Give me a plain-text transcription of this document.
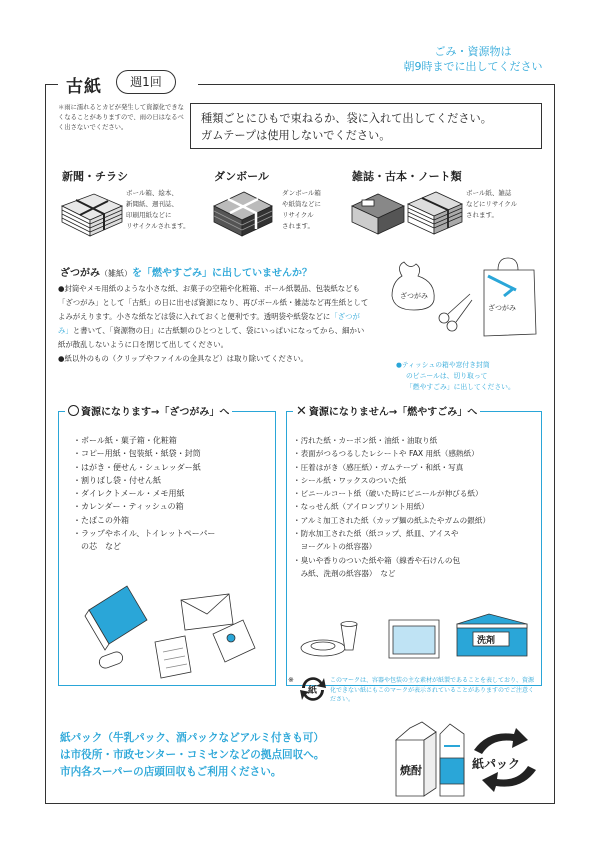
ごみ・資源物は
朝9時までに出してください
古紙	週1回
＊雨に濡れるとカビが発生して資源化できなくなることがありますので、雨の日はなるべく出さないでください。
種類ごとにひもで束ねるか、袋に入れて出してください。
ガムテープは使用しないでください。
新聞・チラシ
ボール箱、絵本、
新聞紙、週刊誌、
印刷用紙などに
リサイクルされます。
ダンボール
ダンボール箱
や紙筒などに
リサイクル
されます。
雑誌・古本・ノート類
ボール紙、雑誌
などにリサイクル
されます。
ざつがみ（雑紙）を「燃やすごみ」に出していませんか？
●封筒やメモ用紙のような小さな紙、お菓子の空箱や化粧箱、ボール紙製品、包装紙なども「ざつがみ」として「古紙」の日に出せば資源になり、再びボール紙・雑誌など再生紙としてよみがえります。小さな紙などは袋に入れておくと便利です。透明袋や紙袋などに「ざつがみ」と書いて、「資源物の日」に古紙類のひとつとして、袋にいっぱいになってから、細かい紙が散乱しないように口を閉じて出してください。
●紙以外のもの（クリップやファイルの金具など）は取り除いてください。
ざつがみ
ざつがみ
●ティッシュの箱や窓付き封筒
のビニールは、切り取って
「燃やすごみ」に出してください。
資源になります→「ざつがみ」へ
・ボール紙・菓子箱・化粧箱
・コピー用紙・包装紙・紙袋・封筒
・はがき・便せん・シュレッダー紙
・割りばし袋・付せん紙
・ダイレクトメール・メモ用紙
・カレンダー・ティッシュの箱
・たばこの外箱
・ラップやホイル、トイレットペーパー
　の芯　など
✕ 資源になりません→「燃やすごみ」へ
・汚れた紙・カーボン紙・油紙・油取り紙
・表面がつるつるしたレシートや FAX 用紙（感熱紙）
・圧着はがき（感圧紙）・ガムテープ・和紙・写真
・シール紙・ワックスのついた紙
・ビニールコート紙（破いた時にビニールが伸びる紙）
・なっせん紙（アイロンプリント用紙）
・アルミ加工された紙（カップ麺の紙ふたやガムの銀紙）
・防水加工された紙（紙コップ、紙皿、アイスや
　ヨーグルトの紙容器）
・臭いや香りのついた紙や箱（線香や石けんの包
　み紙、洗剤の紙容器）　など
洗剤
※
紙
このマークは、容器や包装の主な素材が紙製であることを表しており、資源化できない紙にもこのマークが表示されていることがありますのでご注意ください。
紙パック（牛乳パック、酒パックなどアルミ付きも可）
は市役所・市政センター・コミセンなどの拠点回収へ。
市内各スーパーの店頭回収もご利用ください。	焼酎	紙パック
